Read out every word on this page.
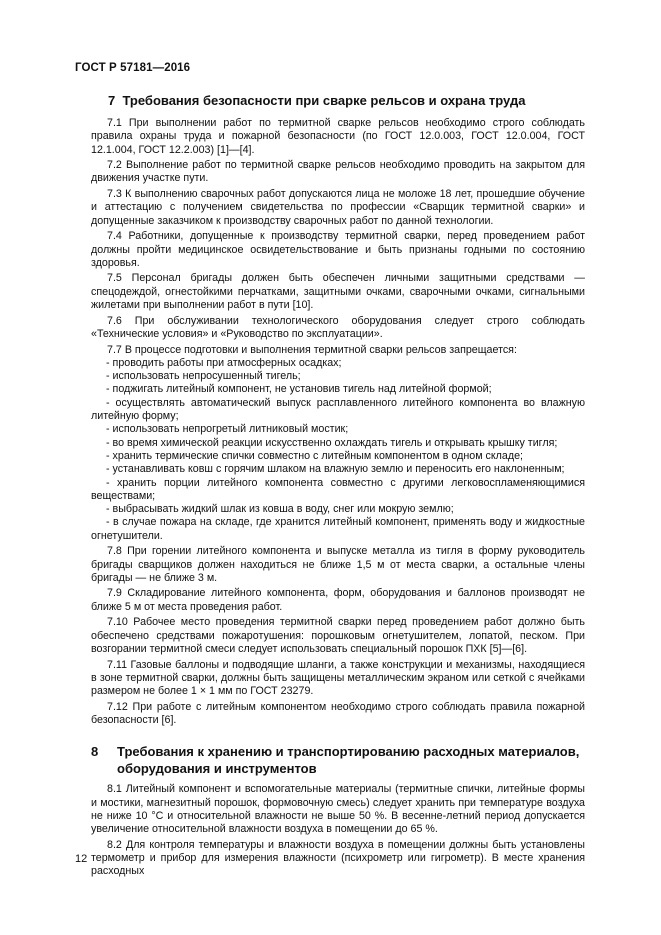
ГОСТ Р 57181—2016
7 Требования безопасности при сварке рельсов и охрана труда

7.1 При выполнении работ по термитной сварке рельсов необходимо строго соблюдать правила охраны труда и пожарной безопасности (по ГОСТ 12.0.003, ГОСТ 12.0.004, ГОСТ 12.1.004, ГОСТ 12.2.003) [1]—[4].

7.2 Выполнение работ по термитной сварке рельсов необходимо проводить на закрытом для движения участке пути.

7.3 К выполнению сварочных работ допускаются лица не моложе 18 лет, прошедшие обучение и аттестацию с получением свидетельства по профессии «Сварщик термитной сварки» и допущенные заказчиком к производству сварочных работ по данной технологии.

7.4 Работники, допущенные к производству термитной сварки, перед проведением работ должны пройти медицинское освидетельствование и быть признаны годными по состоянию здоровья.

7.5 Персонал бригады должен быть обеспечен личными защитными средствами — спецодеждой, огнестойкими перчатками, защитными очками, сварочными очками, сигнальными жилетами при выполнении работ в пути [10].

7.6 При обслуживании технологического оборудования следует строго соблюдать «Технические условия» и «Руководство по эксплуатации».

7.7 В процессе подготовки и выполнения термитной сварки рельсов запрещается:

- проводить работы при атмосферных осадках;
- использовать непросушенный тигель;
- поджигать литейный компонент, не установив тигель над литейной формой;
- осуществлять автоматический выпуск расплавленного литейного компонента во влажную литейную форму;
- использовать непрогретый литниковый мостик;
- во время химической реакции искусственно охлаждать тигель и открывать крышку тигля;
- хранить термические спички совместно с литейным компонентом в одном складе;
- устанавливать ковш с горячим шлаком на влажную землю и переносить его наклоненным;
- хранить порции литейного компонента совместно с другими легковоспламеняющимися веществами;
- выбрасывать жидкий шлак из ковша в воду, снег или мокрую землю;
- в случае пожара на складе, где хранится литейный компонент, применять воду и жидкостные огнетушители.

7.8 При горении литейного компонента и выпуске металла из тигля в форму руководитель бригады сварщиков должен находиться не ближе 1,5 м от места сварки, а остальные члены бригады — не ближе 3 м.

7.9 Складирование литейного компонента, форм, оборудования и баллонов производят не ближе 5 м от места проведения работ.

7.10 Рабочее место проведения термитной сварки перед проведением работ должно быть обеспечено средствами пожаротушения: порошковым огнетушителем, лопатой, песком. При возгорании термитной смеси следует использовать специальный порошок ПХК [5]—[6].

7.11 Газовые баллоны и подводящие шланги, а также конструкции и механизмы, находящиеся в зоне термитной сварки, должны быть защищены металлическим экраном или сеткой с ячейками размером не более 1 × 1 мм по ГОСТ 23279.

7.12 При работе с литейным компонентом необходимо строго соблюдать правила пожарной безопасности [6].

8	Требования к хранению и транспортированию расходных материалов, оборудования и инструментов

8.1 Литейный компонент и вспомогательные материалы (термитные спички, литейные формы и мостики, магнезитный порошок, формовочную смесь) следует хранить при температуре воздуха не ниже 10 °С и относительной влажности не выше 50 %. В весенне-летний период допускается увеличение относительной влажности воздуха в помещении до 65 %.

8.2 Для контроля температуры и влажности воздуха в помещении должны быть установлены термометр и прибор для измерения влажности (психрометр или гигрометр). В месте хранения расходных

12
